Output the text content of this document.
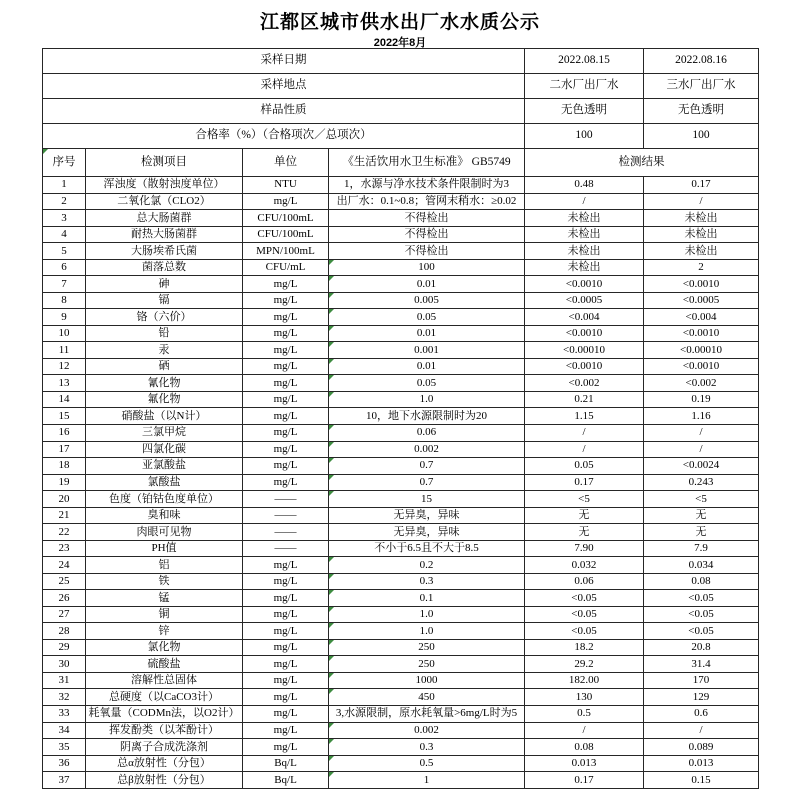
江都区城市供水出厂水水质公示
2022年8月
采样日期				2022.08.15	2022.08.16
采样地点				二水厂出厂水	三水厂出厂水
样品性质				无色透明	无色透明
合格率（%）（合格项次／总项次）				100	100

序号	检测项目	单位	《生活饮用水卫生标准》 GB5749	检测结果	
1	浑浊度（散射浊度单位）	NTU	1，水源与净水技术条件限制时为3	0.48	0.17
2	二氧化氯（CLO2）	mg/L	出厂水：0.1~0.8；管网末稍水：≥0.02	/	/
3	总大肠菌群	CFU/100mL	不得检出	未检出	未检出
4	耐热大肠菌群	CFU/100mL	不得检出	未检出	未检出
5	大肠埃希氏菌	MPN/100mL	不得检出	未检出	未检出
6	菌落总数	CFU/mL	100	未检出	2
7	砷	mg/L	0.01	<0.0010	<0.0010
8	镉	mg/L	0.005	<0.0005	<0.0005
9	铬（六价）	mg/L	0.05	<0.004	<0.004
10	铅	mg/L	0.01	<0.0010	<0.0010
11	汞	mg/L	0.001	<0.00010	<0.00010
12	硒	mg/L	0.01	<0.0010	<0.0010
13	氰化物	mg/L	0.05	<0.002	<0.002
14	氟化物	mg/L	1.0	0.21	0.19
15	硝酸盐（以N计）	mg/L	10，地下水源限制时为20	1.15	1.16
16	三氯甲烷	mg/L	0.06	/	/
17	四氯化碳	mg/L	0.002	/	/
18	亚氯酸盐	mg/L	0.7	0.05	<0.0024
19	氯酸盐	mg/L	0.7	0.17	0.243
20	色度（铂钴色度单位）	——	15	<5	<5
21	臭和味	——	无异臭，异味	无	无
22	肉眼可见物	——	无异臭，异味	无	无
23	PH值	——	不小于6.5且不大于8.5	7.90	7.9
24	铝	mg/L	0.2	0.032	0.034
25	铁	mg/L	0.3	0.06	0.08
26	锰	mg/L	0.1	<0.05	<0.05
27	铜	mg/L	1.0	<0.05	<0.05
28	锌	mg/L	1.0	<0.05	<0.05
29	氯化物	mg/L	250	18.2	20.8
30	硫酸盐	mg/L	250	29.2	31.4
31	溶解性总固体	mg/L	1000	182.00	170
32	总硬度（以CaCO3计）	mg/L	450	130	129
33	耗氧量（CODMn法，以O2计）	mg/L	3,水源限制，原水耗氧量>6mg/L时为5	0.5	0.6
34	挥发酚类（以苯酚计）	mg/L	0.002	/	/
35	阴离子合成洗涤剂	mg/L	0.3	0.08	0.089
36	总α放射性（分包）	Bq/L	0.5	0.013	0.013
37	总β放射性（分包）	Bq/L	1	0.17	0.15
